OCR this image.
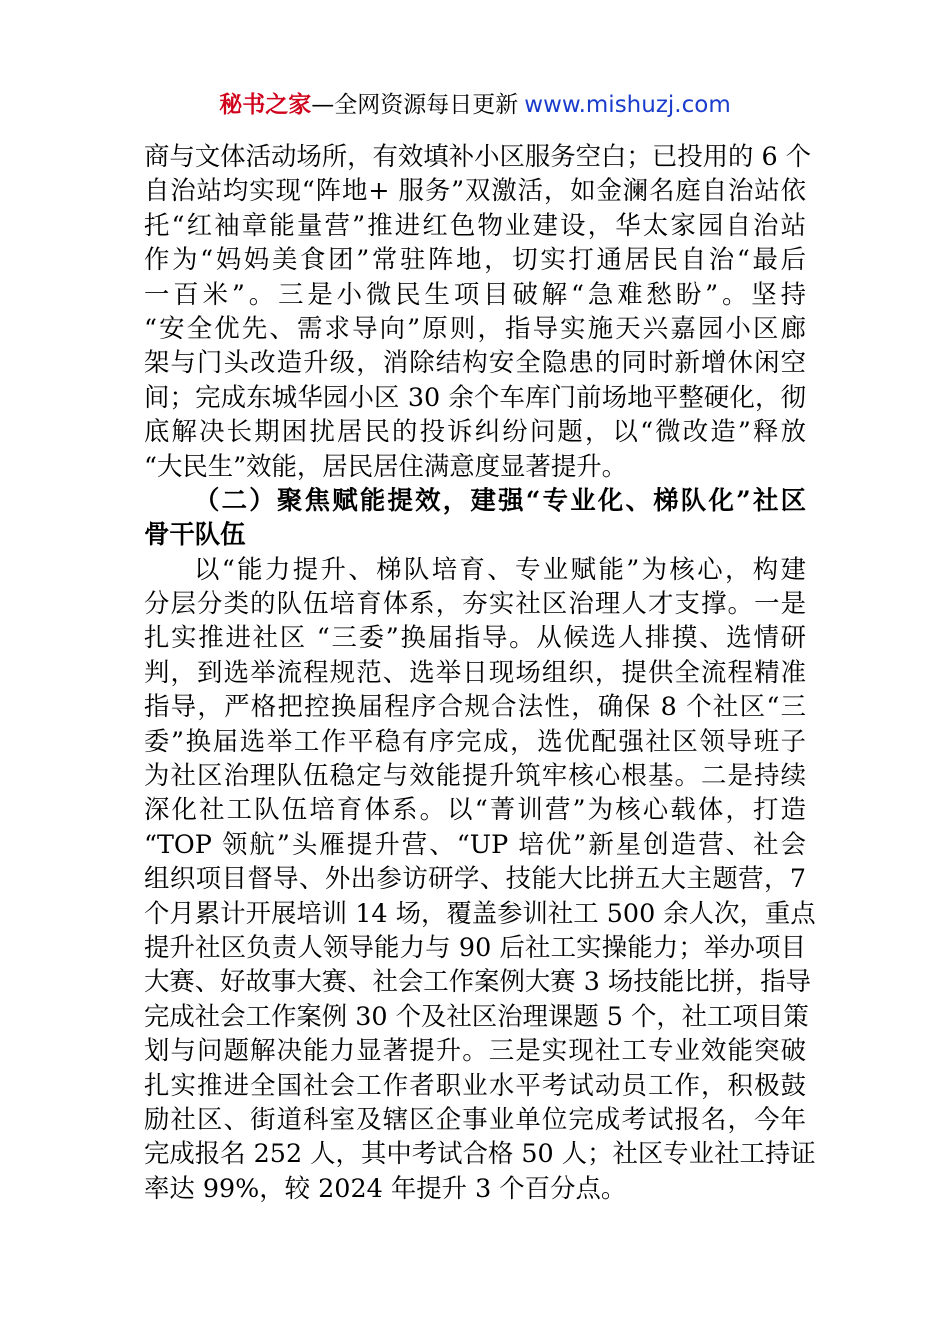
秘书之家—全网资源每日更新 www.mishuzj.com
商与文体活动场所，有效填补小区服务空白；已投用的 6 个
自治站均实现“阵地+ 服务”双激活，如金澜名庭自治站依
托“红袖章能量营”推进红色物业建设，华太家园自治站
作为“妈妈美食团”常驻阵地，切实打通居民自治“最后
一百米”。三是小微民生项目破解“急难愁盼”。坚持
“安全优先、需求导向”原则，指导实施天兴嘉园小区廊
架与门头改造升级，消除结构安全隐患的同时新增休闲空
间；完成东城华园小区 30 余个车库门前场地平整硬化，彻
底解决长期困扰居民的投诉纠纷问题，以“微改造”释放
“大民生”效能，居民居住满意度显著提升。
（二）聚焦赋能提效，建强“专业化、梯队化”社区
骨干队伍
以“能力提升、梯队培育、专业赋能”为核心，构建
分层分类的队伍培育体系，夯实社区治理人才支撑。一是
扎实推进社区 “三委”换届指导。从候选人排摸、选情研
判，到选举流程规范、选举日现场组织，提供全流程精准
指导，严格把控换届程序合规合法性，确保 8 个社区“三
委”换届选举工作平稳有序完成，选优配强社区领导班子
为社区治理队伍稳定与效能提升筑牢核心根基。二是持续
深化社工队伍培育体系。以“菁训营”为核心载体，打造
“TOP 领航”头雁提升营、“UP 培优”新星创造营、社会
组织项目督导、外出参访研学、技能大比拼五大主题营，7
个月累计开展培训 14 场，覆盖参训社工 500 余人次，重点
提升社区负责人领导能力与 90 后社工实操能力；举办项目
大赛、好故事大赛、社会工作案例大赛 3 场技能比拼，指导
完成社会工作案例 30 个及社区治理课题 5 个，社工项目策
划与问题解决能力显著提升。三是实现社工专业效能突破
扎实推进全国社会工作者职业水平考试动员工作，积极鼓
励社区、街道科室及辖区企事业单位完成考试报名，今年
完成报名 252 人，其中考试合格 50 人；社区专业社工持证
率达 99%，较 2024 年提升 3 个百分点。
